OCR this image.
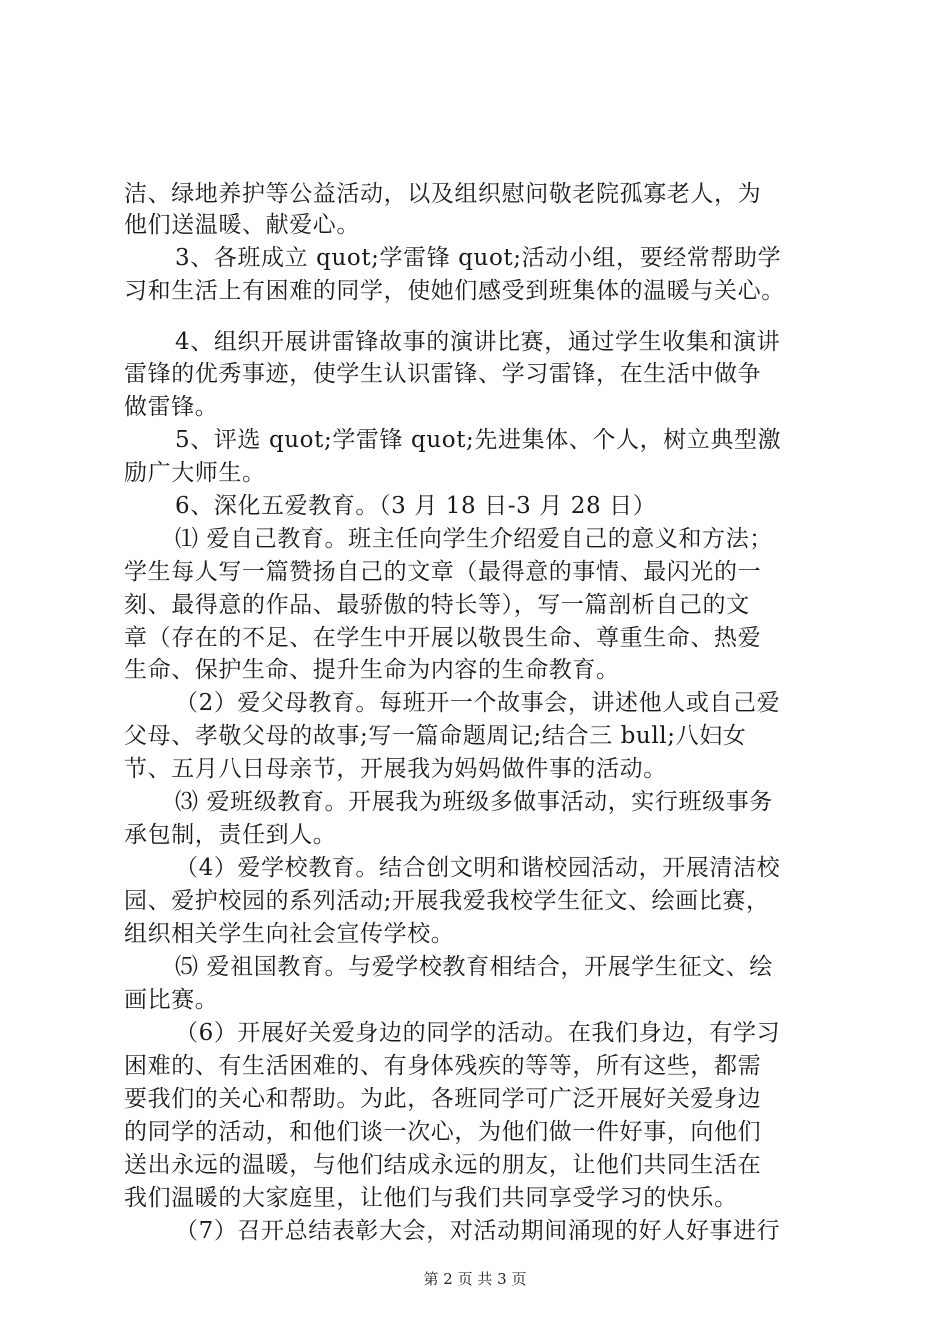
洁、绿地养护等公益活动，以及组织慰问敬老院孤寡老人，为
他们送温暖、献爱心。
3、各班成立 quot;学雷锋 quot;活动小组，要经常帮助学
习和生活上有困难的同学，使她们感受到班集体的温暖与关心。
4、组织开展讲雷锋故事的演讲比赛，通过学生收集和演讲
雷锋的优秀事迹，使学生认识雷锋、学习雷锋，在生活中做争
做雷锋。
5、评选 quot;学雷锋 quot;先进集体、个人，树立典型激
励广大师生。
6、深化五爱教育。（3 月 18 日-3 月 28 日）
⑴ 爱自己教育。班主任向学生介绍爱自己的意义和方法；
学生每人写一篇赞扬自己的文章（最得意的事情、最闪光的一
刻、最得意的作品、最骄傲的特长等），写一篇剖析自己的文
章（存在的不足、在学生中开展以敬畏生命、尊重生命、热爱
生命、保护生命、提升生命为内容的生命教育。
（2）爱父母教育。每班开一个故事会，讲述他人或自己爱
父母、孝敬父母的故事;写一篇命题周记;结合三 bull;八妇女
节、五月八日母亲节，开展我为妈妈做件事的活动。
⑶ 爱班级教育。开展我为班级多做事活动，实行班级事务
承包制，责任到人。
（4）爱学校教育。结合创文明和谐校园活动，开展清洁校
园、爱护校园的系列活动;开展我爱我校学生征文、绘画比赛，
组织相关学生向社会宣传学校。
⑸ 爱祖国教育。与爱学校教育相结合，开展学生征文、绘
画比赛。
（6）开展好关爱身边的同学的活动。在我们身边，有学习
困难的、有生活困难的、有身体残疾的等等，所有这些，都需
要我们的关心和帮助。为此，各班同学可广泛开展好关爱身边
的同学的活动，和他们谈一次心，为他们做一件好事，向他们
送出永远的温暖，与他们结成永远的朋友，让他们共同生活在
我们温暖的大家庭里，让他们与我们共同享受学习的快乐。
（7）召开总结表彰大会，对活动期间涌现的好人好事进行
第 2 页 共 3 页
